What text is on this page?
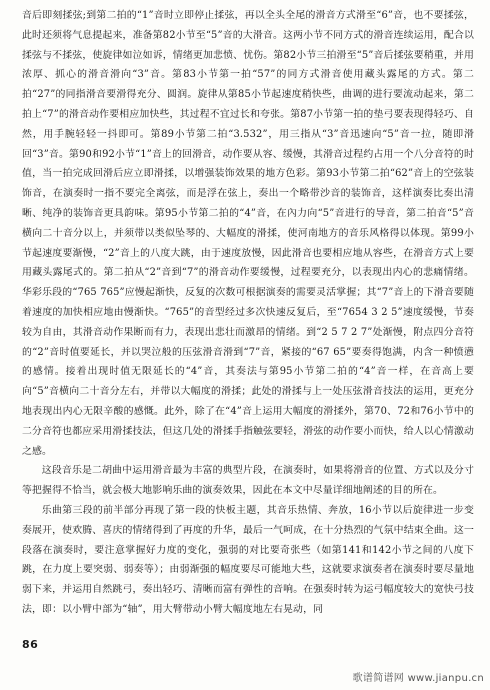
音后即刻揉弦;到第二拍的“1”音时立即停止揉弦，再以全头全尾的滑音方式滑至“6”音，也不要揉弦，此时还须将气息提起来，准备第82小节至“5”音的大滑音。这两小节不同方式的滑音连续运用，配合以揉弦与不揉弦，使旋律如泣如诉，情绪更加悲愤、忧伤。第82小节三拍滑至“5”音后揉弦要稍重，并用浓厚、抓心的滑音滑向“3”音。第83小节第一拍“57”的同方式滑音使用藏头露尾的方式。第二拍“27”的同指滑音要滑得充分、圆润。旋律从第85小节起速度稍快些，曲调的进行要流动起来，第二拍上“7”的滑音动作要相应加快些，其过程不宜过长和夸张。第87小节第一拍的垫弓要表现得轻巧、自然，用手腕轻轻一抖即可。第89小节第二拍“3.532”，用三指从“3”音迅速向“5”音一拉，随即滑回“3”音。第90和92小节“1”音上的回滑音，动作要从容、缓慢，其滑音过程约占用一个八分音符的时值，当一拍完成回滑后应立即滑揉，以增强装饰效果的地方色彩。第93小节第二拍“62”音上的空弦装饰音，在演奏时一指不要完全离弦，而是浮在弦上，奏出一个略带沙音的装饰音，这样演奏比奏出清晰、纯净的装饰音更具韵味。第95小节第二拍的“4”音，在內力向“5”音进行的导音，第二拍音“5”音横向二十音分以上，并须带以类似坠琴的、大幅度的滑揉，使河南地方的音乐风格得以体现。第99小节起速度要渐慢，“2”音上的八度大跳，由于速度放慢，因此滑音也要相应地从容些，在滑音方式上要用藏头露尾式的。第二拍从“2”音到“7”的滑音动作要缓慢，过程要充分，以表现出内心的悲痛情绪。华彩乐段的“765 765”应慢起渐快，反复的次数可根据演奏的需要灵活掌握；其“7”音上的下滑音要随着速度的加快相应地由慢渐快。“765”的音型经过多次快速反复后，至“7654 3 2 5”速度缓慢，节奏较为自由，其滑音动作果断而有力，表现出悲壮而激昂的情绪。到“2 5 7 2 7”处渐慢，附点四分音符的“2”音时值要延长，并以哭泣般的压弦滑音滑到“7”音，紧接的“67 65”要奏得饱满，内含一种愤懑的感情。接着出现时值无限延长的“4”音，其奏法与第95小节第二拍的“4”音一样，在音高上要向“5”音横向二十音分左右，并带以大幅度的滑揉；此处的滑揉与上一处压弦滑音技法的运用，更充分地表现出内心无限辛酸的感慨。此外，除了在“4”音上运用大幅度的滑揉外，第70、72和76小节中的二分音符也都应采用滑揉技法，但这几处的滑揉手指触弦要轻，滑弦的动作要小而快，给人以心情激动之感。

这段音乐是二胡曲中运用滑音最为丰富的典型片段，在演奏时，如果将滑音的位置、方式以及分寸等把握得不恰当，就会极大地影响乐曲的演奏效果，因此在本文中尽量详细地阐述的目的所在。

乐曲第三段的前半部分再现了第一段的快板主题，其音乐热情、奔放，16小节以后旋律进一步变奏展开，使欢腾、喜庆的情绪得到了再度的升华，最后一气呵成，在十分热烈的气氛中结束全曲。这一段落在演奏时，要注意掌握好力度的变化，强弱的对比要奇张些（如第141和142小节之间的八度下跳，在力度上要突弱、弱奏等）；由弱渐强的幅度要尽可能地大些，这就要求演奏者在演奏时要尽量地弱下来，并运用自然跳弓，奏出轻巧、清晰而富有弹性的音响。在强奏时转为运弓幅度较大的宽快弓技法，即：以小臂中部为“轴”，用大臂带动小臂大幅度地左右晃动，同

86
歌谱简谱网 www.jianpu.cn
